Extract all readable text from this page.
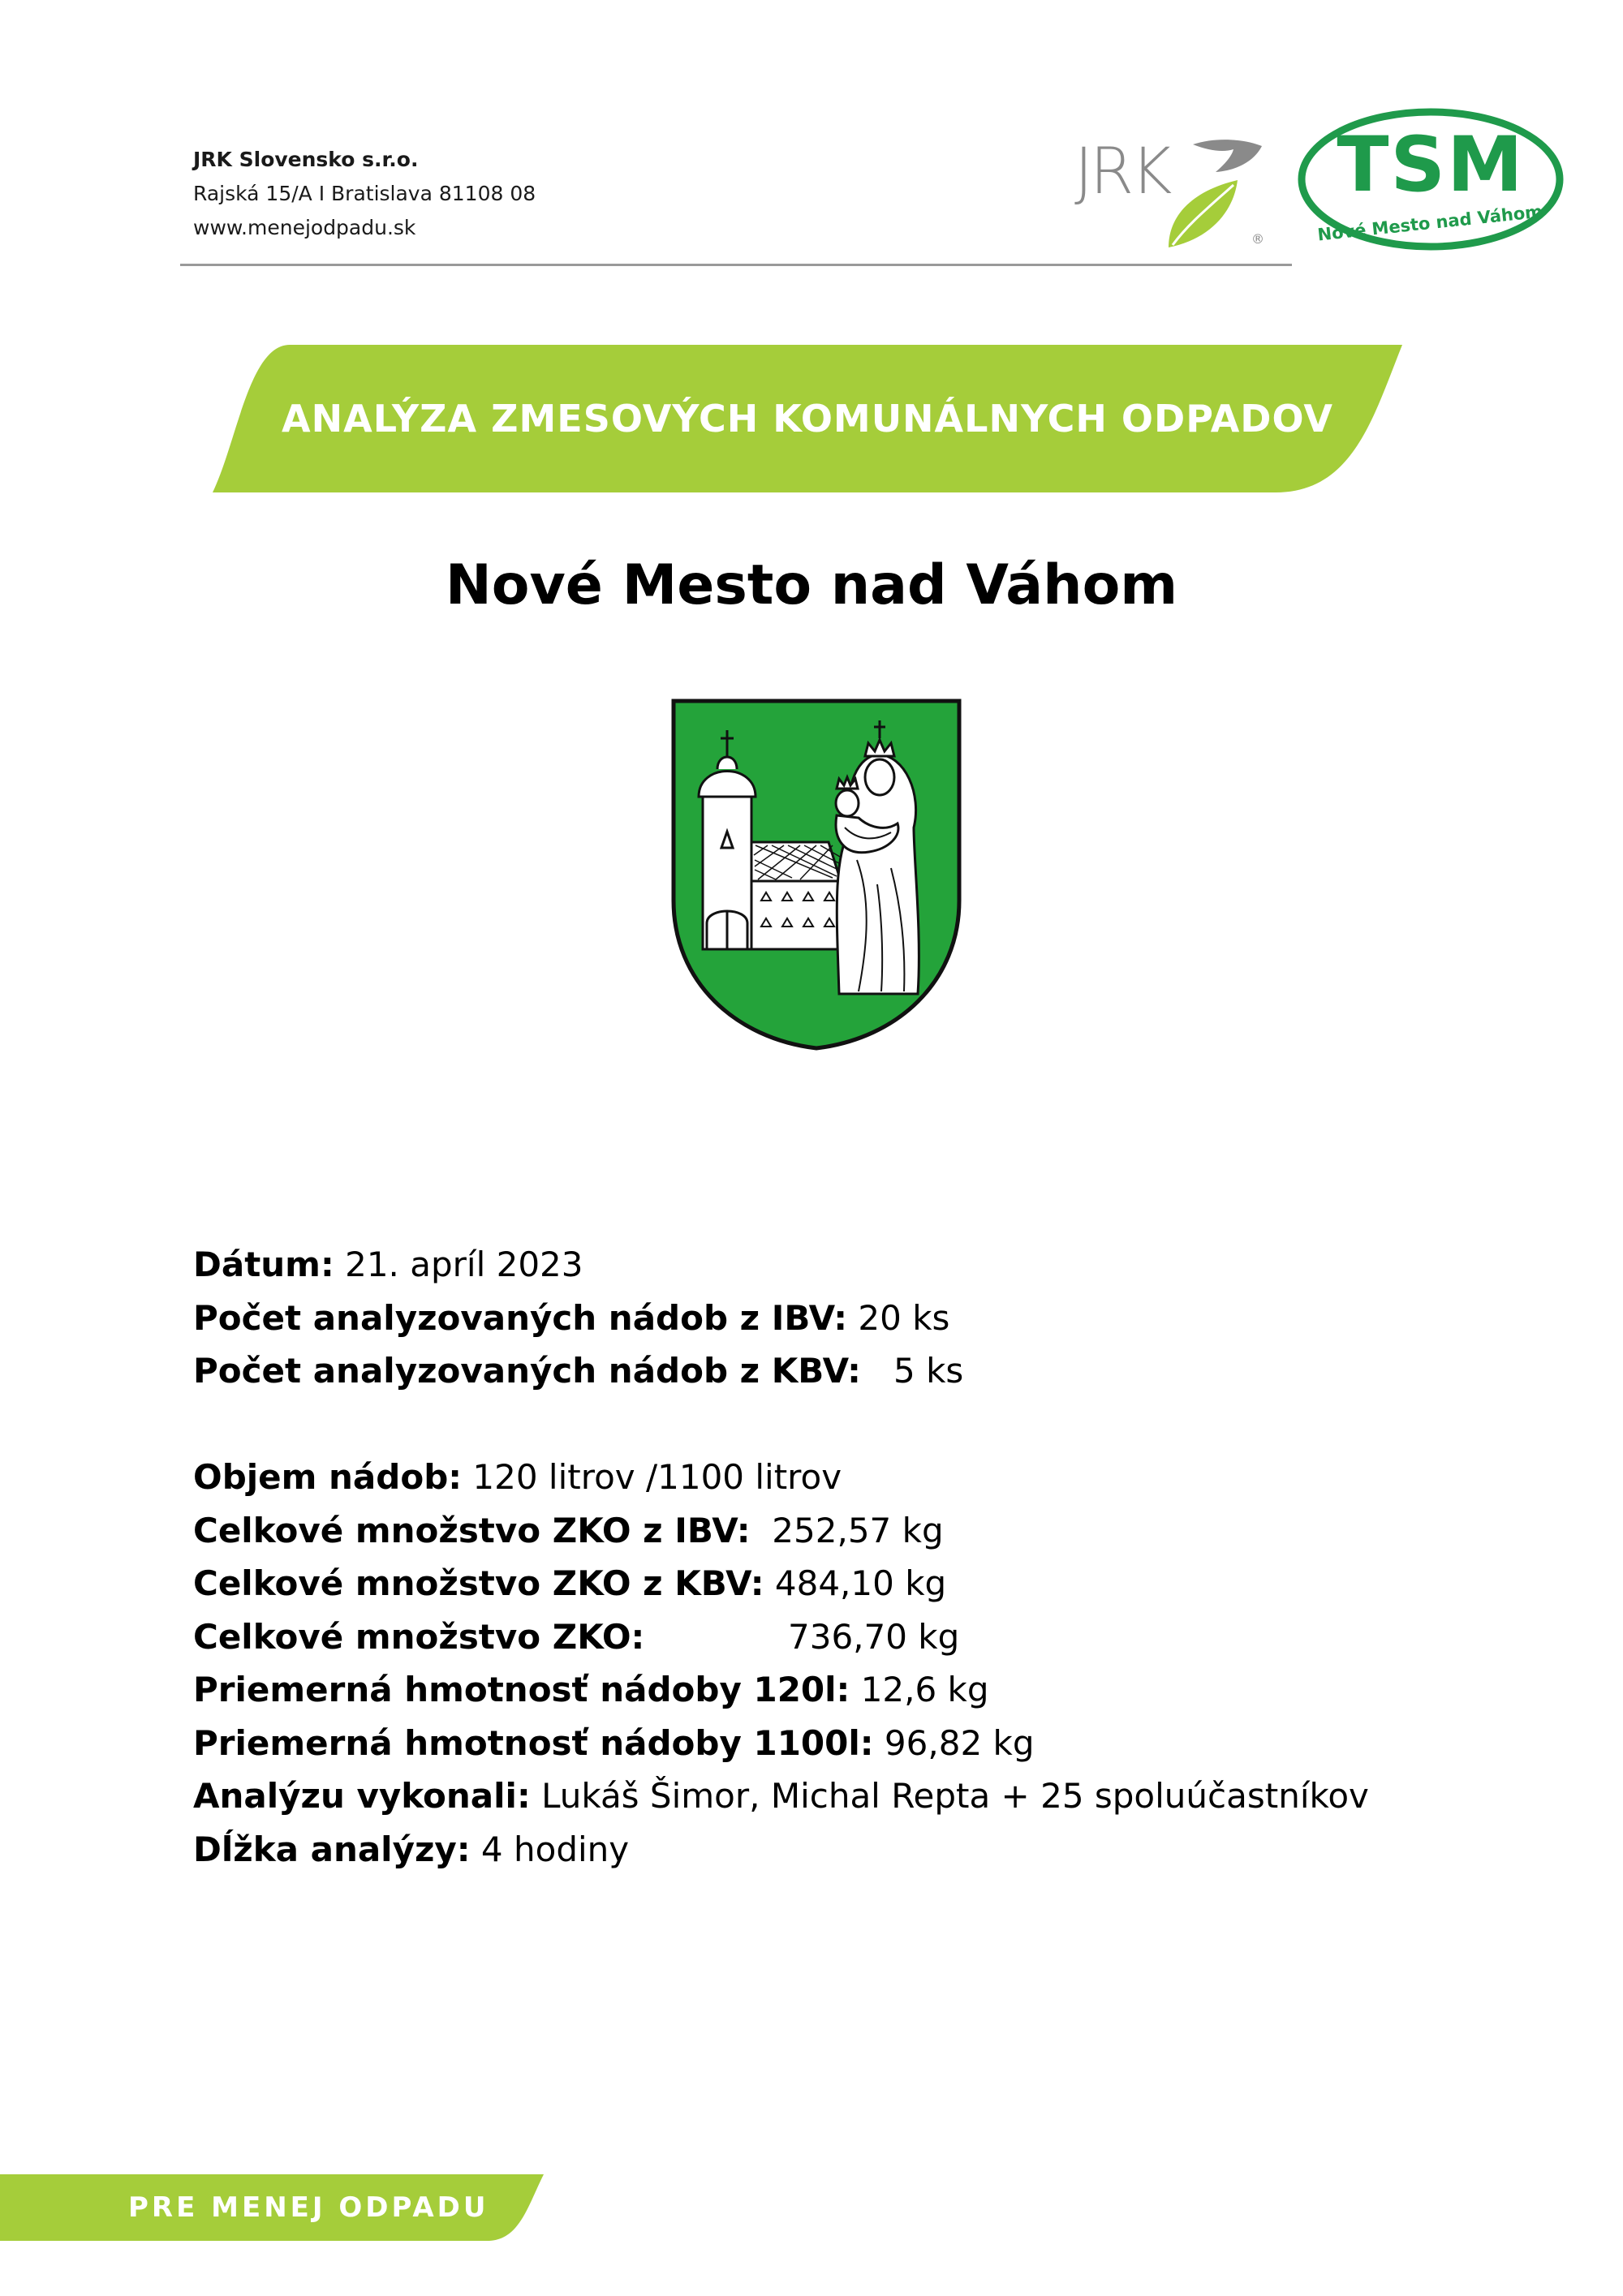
JRK Slovensko s.r.o.
Rajská 15/A I Bratislava 81108 08
www.menejodpadu.sk
JRK
®
TSM
Nové Mesto nad Váhom
ANALÝZA ZMESOVÝCH KOMUNÁLNYCH ODPADOV
Nové Mesto nad Váhom
Dátum: 21. apríl 2023
Počet analyzovaných nádob z IBV: 20 ks
Počet analyzovaných nádob z KBV:   5 ks
Objem nádob: 120 litrov /1100 litrov
Celkové množstvo ZKO z IBV:  252,57 kg
Celkové množstvo ZKO z KBV: 484,10 kg
Celkové množstvo ZKO:	736,70 kg
Priemerná hmotnosť nádoby 120l: 12,6 kg
Priemerná hmotnosť nádoby 1100l: 96,82 kg
Analýzu vykonali: Lukáš Šimor, Michal Repta + 25 spoluúčastníkov
Dĺžka analýzy: 4 hodiny
PRE MENEJ ODPADU
